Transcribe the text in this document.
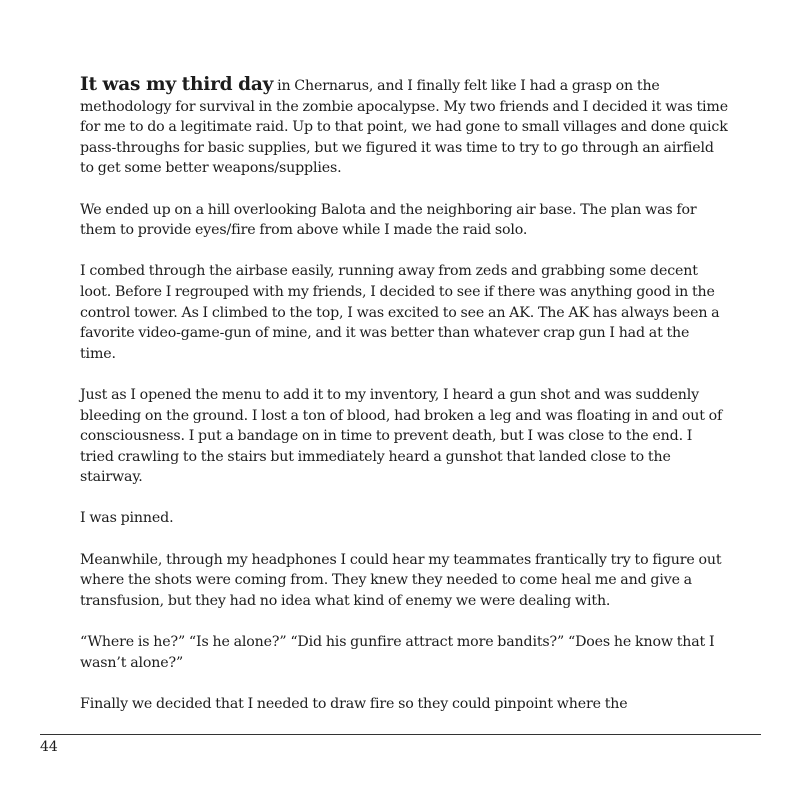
It was my third day in Chernarus, and I finally felt like I had a grasp on the methodology for survival in the zombie apocalypse. My two friends and I decided it was time for me to do a legitimate raid. Up to that point, we had gone to small villages and done quick pass-throughs for basic supplies, but we figured it was time to try to go through an airfield to get some better weapons/supplies.

We ended up on a hill overlooking Balota and the neighboring air base. The plan was for them to provide eyes/fire from above while I made the raid solo.

I combed through the airbase easily, running away from zeds and grabbing some decent loot. Before I regrouped with my friends, I decided to see if there was anything good in the control tower. As I climbed to the top, I was excited to see an AK. The AK has always been a favorite video-game-gun of mine, and it was better than whatever crap gun I had at the time.

Just as I opened the menu to add it to my inventory, I heard a gun shot and was suddenly bleeding on the ground. I lost a ton of blood, had broken a leg and was floating in and out of consciousness. I put a bandage on in time to prevent death, but I was close to the end. I tried crawling to the stairs but immediately heard a gunshot that landed close to the stairway.

I was pinned.

Meanwhile, through my headphones I could hear my teammates frantically try to figure out where the shots were coming from. They knew they needed to come heal me and give a transfusion, but they had no idea what kind of enemy we were dealing with.

“Where is he?” “Is he alone?” “Did his gunfire attract more bandits?” “Does he know that I wasn’t alone?”

Finally we decided that I needed to draw fire so they could pinpoint where the

44
